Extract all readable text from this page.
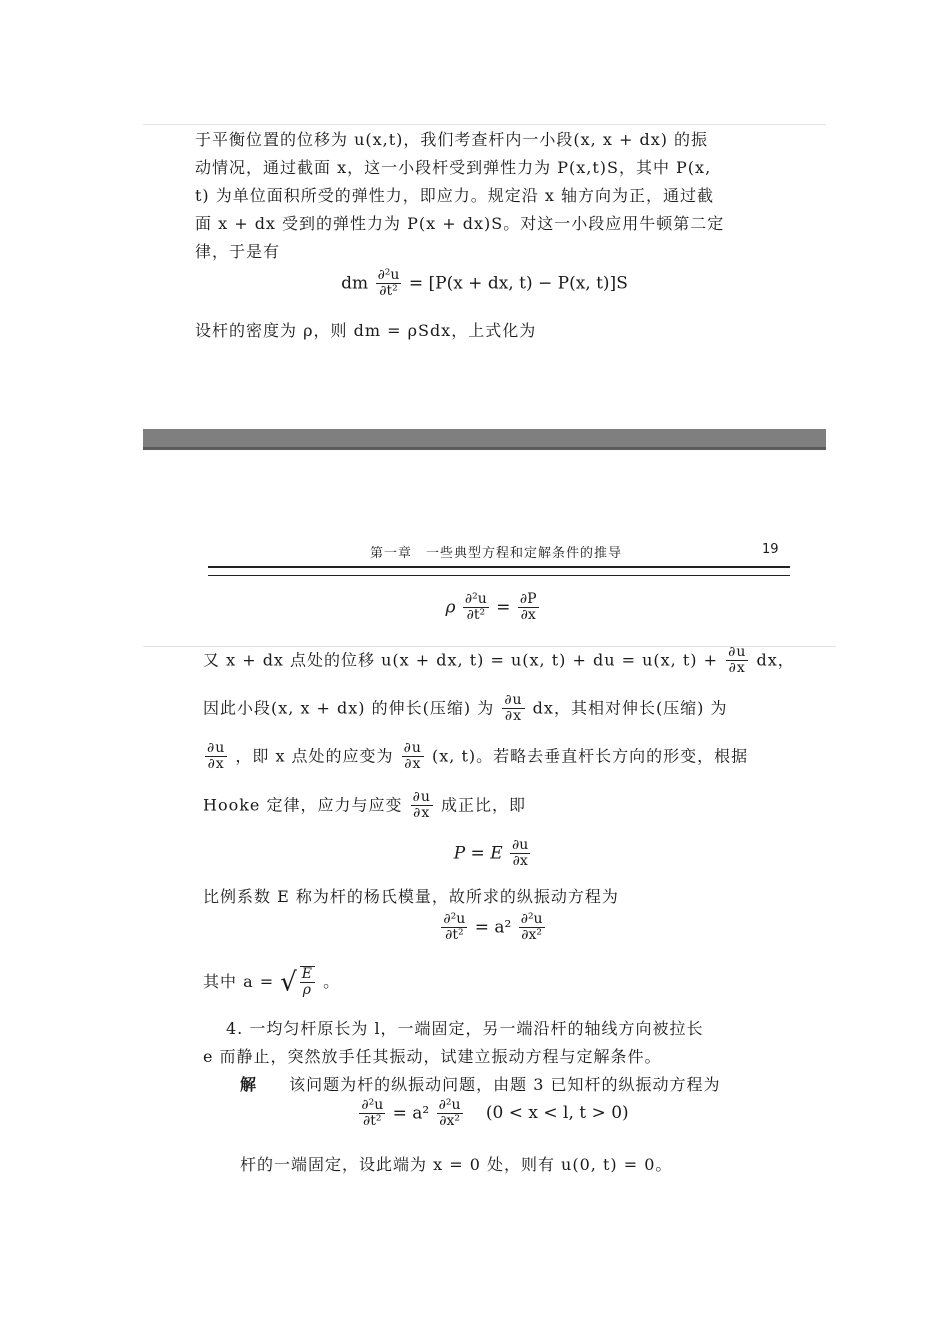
于平衡位置的位移为 u(x,t)，我们考查杆内一小段(x, x + dx) 的振
动情况，通过截面 x，这一小段杆受到弹性力为 P(x,t)S，其中 P(x,
t) 为单位面积所受的弹性力，即应力。规定沿 x 轴方向为正，通过截
面 x + dx 受到的弹性力为 P(x + dx)S。对这一小段应用牛顿第二定
律，于是有
dm $\frac{\text{∂²u}}{\text{∂t²}} = [P(x$ + dx, t) − P(x, t)]S
设杆的密度为 ρ，则 dm = ρSdx，上式化为
第一章　一些典型方程和定解条件的推导	19
ρ $\frac{\text{∂²u}}{\text{∂t²}} = \frac{\partial P}{\partial x}$
又 x + dx 点处的位移 u(x + dx, t) = u(x, t) + du = u(x, $t) + \frac{\partial u}{\partial x}$ dx，
因此小段(x, x + dx) 的伸长(压缩) 为 $\frac{\partial u}{\partial x}$ dx，其相对伸长(压缩) 为
$\frac{\partial u}{\partial x}$ ，即 x 点处的应变为 $\frac{\partial u}{\partial x} (x$, t)。若略去垂直杆长方向的形变，根据
Hooke 定律，应力与应变 $\frac{\partial u}{\partial x}$ 成正比，即
P = E $\frac{\partial u}{\partial x}$
比例系数 E 称为杆的杨氏模量，故所求的纵振动方程为
$\frac{\text{∂²u}}{\text{∂t²}} = a^2 \frac{\text{∂²u}}{\text{∂x²}}$
其中 a = √ $\frac{E}{\rho}$ 。
4. 一均匀杆原长为 l，一端固定，另一端沿杆的轴线方向被拉长
e 而静止，突然放手任其振动，试建立振动方程与定解条件。
解 该问题为杆的纵振动问题，由题 3 已知杆的纵振动方程为
$\frac{\text{∂²u}}{\text{∂t²}} = a^2 \frac{\text{∂²u}}{\text{∂x²}} (0 < x < l$, t > 0)
杆的一端固定，设此端为 x = 0 处，则有 u(0, t) = 0。
